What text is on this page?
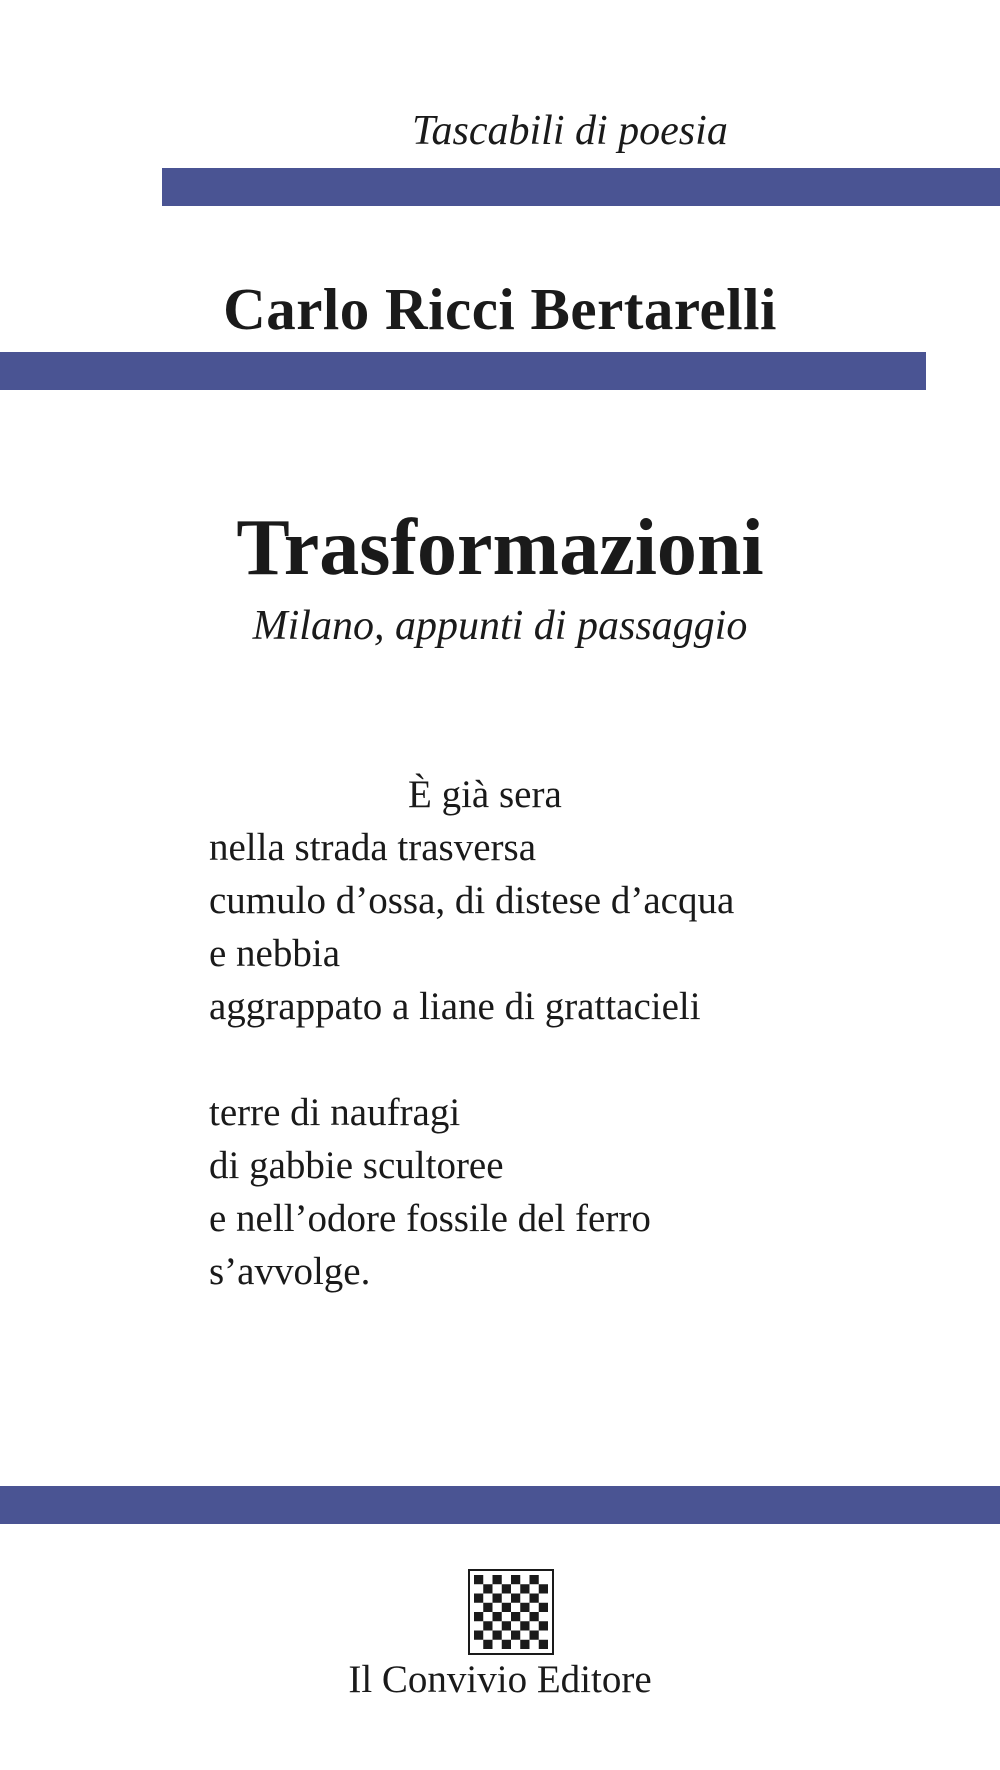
Tascabili di poesia
Carlo Ricci Bertarelli
Trasformazioni
Milano, appunti di passaggio
È già sera
nella strada trasversa
cumulo d’ossa, di distese d’acqua
e nebbia
aggrappato a liane di grattacieli
terre di naufragi
di gabbie scultoree
e nell’odore fossile del ferro
s’avvolge.
Il Convivio Editore
